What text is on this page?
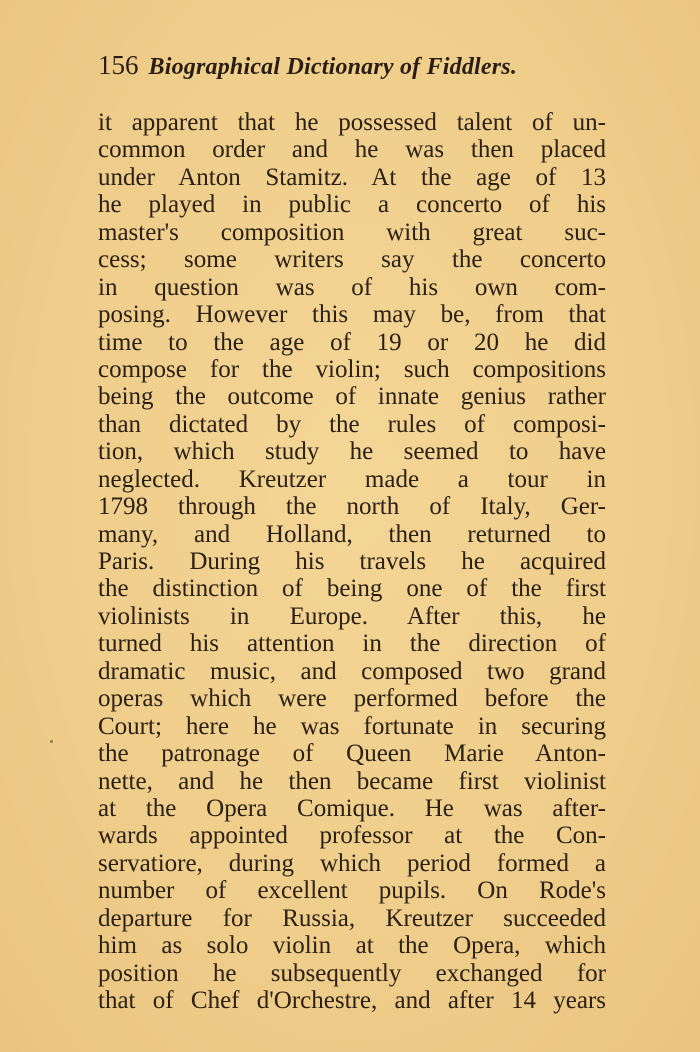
156 Biographical Dictionary of Fiddlers.
it apparent that he possessed talent of un-
common order and he was then placed
under Anton Stamitz. At the age of 13
he played in public a concerto of his
master's composition with great suc-
cess; some writers say the concerto
in question was of his own com-
posing. However this may be, from that
time to the age of 19 or 20 he did
compose for the violin; such compositions
being the outcome of innate genius rather
than dictated by the rules of composi-
tion, which study he seemed to have
neglected. Kreutzer made a tour in
1798 through the north of Italy, Ger-
many, and Holland, then returned to
Paris. During his travels he acquired
the distinction of being one of the first
violinists in Europe. After this, he
turned his attention in the direction of
dramatic music, and composed two grand
operas which were performed before the
Court; here he was fortunate in securing
the patronage of Queen Marie Anton-
nette, and he then became first violinist
at the Opera Comique. He was after-
wards appointed professor at the Con-
servatiore, during which period formed a
number of excellent pupils. On Rode's
departure for Russia, Kreutzer succeeded
him as solo violin at the Opera, which
position he subsequently exchanged for
that of Chef d'Orchestre, and after 14 years
